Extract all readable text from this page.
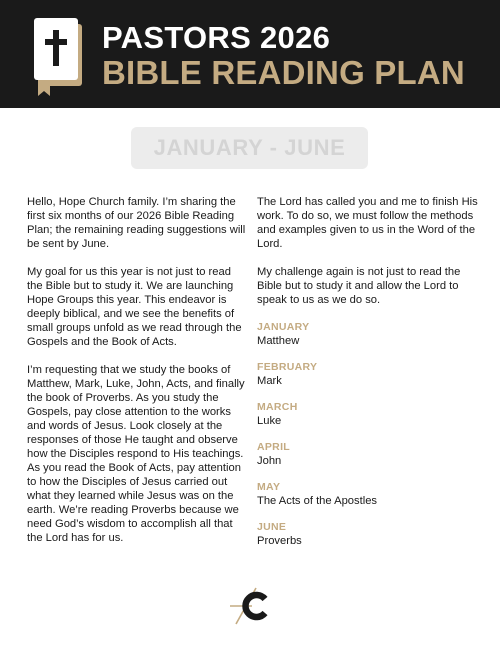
PASTORS 2026
BIBLE READING PLAN
JANUARY - JUNE

Hello, Hope Church family. I’m sharing the first six months of our 2026 Bible Reading Plan; the remaining reading suggestions will be sent by June.

My goal for us this year is not just to read the Bible but to study it. We are launching Hope Groups this year. This endeavor is deeply biblical, and we see the benefits of small groups unfold as we read through the Gospels and the Book of Acts.

I’m requesting that we study the books of Matthew, Mark, Luke, John, Acts, and finally the book of Proverbs. As you study the Gospels, pay close attention to the works and words of Jesus. Look closely at the responses of those He taught and observe how the Disciples respond to His teachings. As you read the Book of Acts, pay attention to how the Disciples of Jesus carried out what they learned while Jesus was on the earth. We’re reading Proverbs because we need God’s wisdom to accomplish all that the Lord has for us.

The Lord has called you and me to finish His work. To do so, we must follow the methods and examples given to us in the Word of the Lord.

My challenge again is not just to read the Bible but to study it and allow the Lord to speak to us as we do so.

JANUARY
Matthew
FEBRUARY
Mark
MARCH
Luke
APRIL
John
MAY
The Acts of the Apostles
JUNE
Proverbs
